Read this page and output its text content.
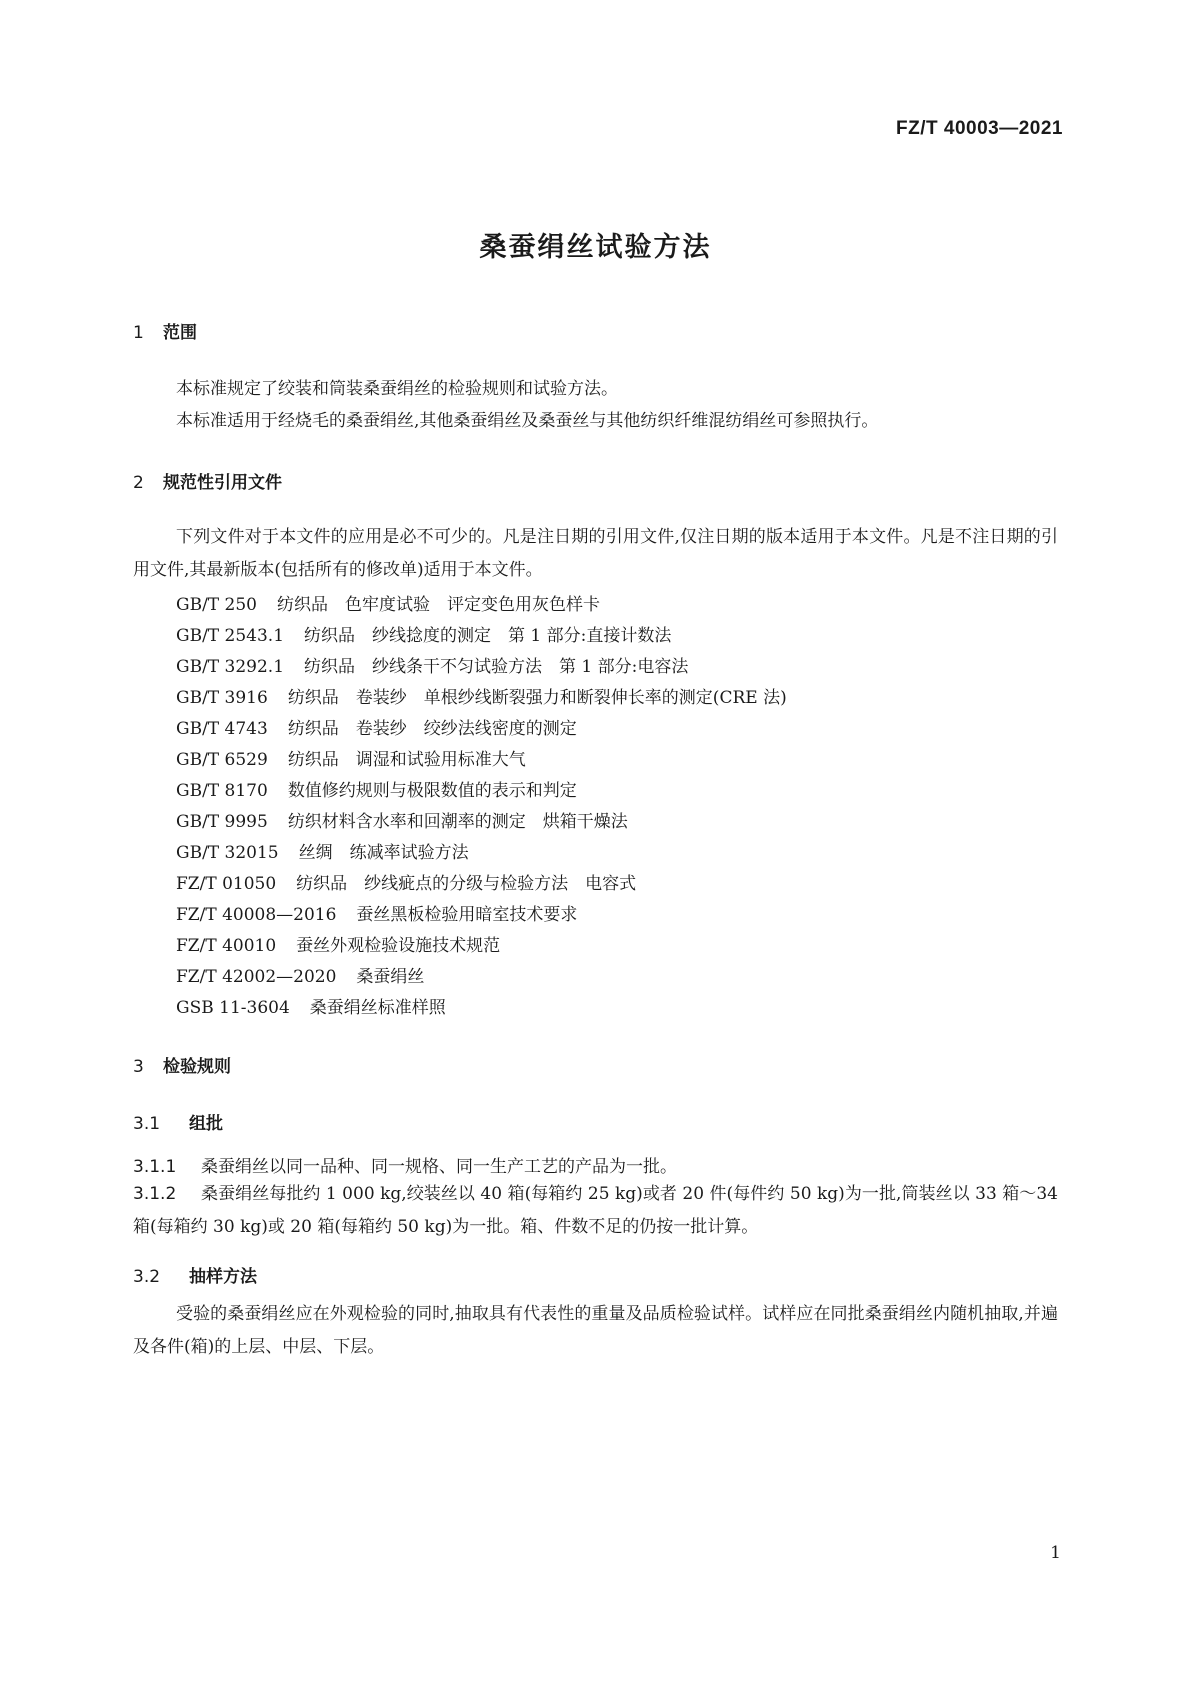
FZ/T 40003—2021
桑蚕绢丝试验方法
1 范围
本标准规定了绞装和筒装桑蚕绢丝的检验规则和试验方法。
本标准适用于经烧毛的桑蚕绢丝,其他桑蚕绢丝及桑蚕丝与其他纺织纤维混纺绢丝可参照执行。
2 规范性引用文件
下列文件对于本文件的应用是必不可少的。凡是注日期的引用文件,仅注日期的版本适用于本文件。凡是不注日期的引用文件,其最新版本(包括所有的修改单)适用于本文件。
GB/T 250 纺织品　色牢度试验　评定变色用灰色样卡
GB/T 2543.1 纺织品　纱线捻度的测定　第 1 部分:直接计数法
GB/T 3292.1 纺织品　纱线条干不匀试验方法　第 1 部分:电容法
GB/T 3916 纺织品　卷装纱　单根纱线断裂强力和断裂伸长率的测定(CRE 法)
GB/T 4743 纺织品　卷装纱　绞纱法线密度的测定
GB/T 6529 纺织品　调湿和试验用标准大气
GB/T 8170 数值修约规则与极限数值的表示和判定
GB/T 9995 纺织材料含水率和回潮率的测定　烘箱干燥法
GB/T 32015 丝绸　练减率试验方法
FZ/T 01050 纺织品　纱线疵点的分级与检验方法　电容式
FZ/T 40008—2016 蚕丝黑板检验用暗室技术要求
FZ/T 40010 蚕丝外观检验设施技术规范
FZ/T 42002—2020 桑蚕绢丝
GSB 11-3604 桑蚕绢丝标准样照
3 检验规则
3.1 组批
3.1.1 桑蚕绢丝以同一品种、同一规格、同一生产工艺的产品为一批。
3.1.2 桑蚕绢丝每批约 1 000 kg,绞装丝以 40 箱(每箱约 25 kg)或者 20 件(每件约 50 kg)为一批,筒装丝以 33 箱～34 箱(每箱约 30 kg)或 20 箱(每箱约 50 kg)为一批。箱、件数不足的仍按一批计算。
3.2 抽样方法
受验的桑蚕绢丝应在外观检验的同时,抽取具有代表性的重量及品质检验试样。试样应在同批桑蚕绢丝内随机抽取,并遍及各件(箱)的上层、中层、下层。
1
